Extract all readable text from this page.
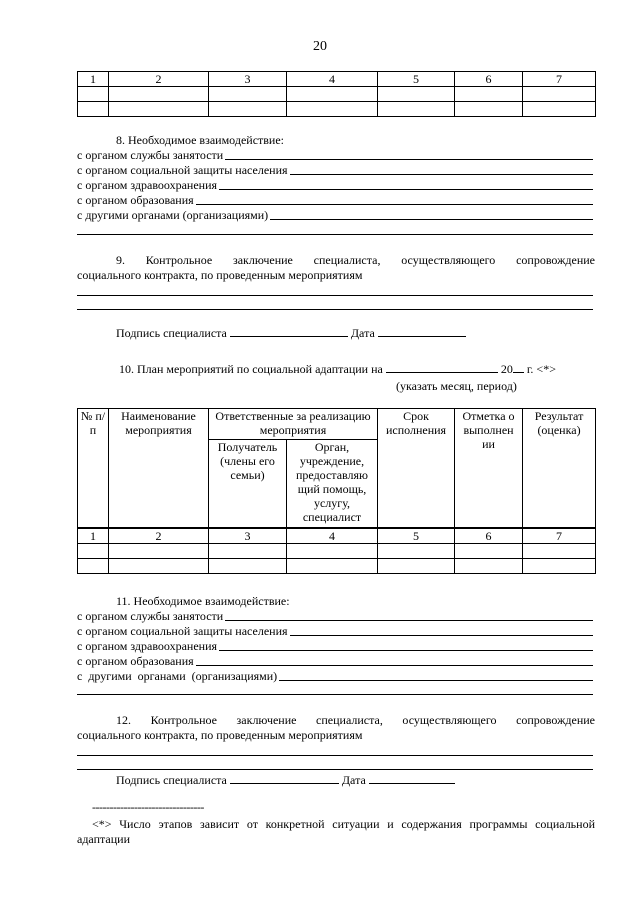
20
1	2	3	4	5	6	7

8. Необходимое взаимодействие:
с органом службы занятости
с органом социальной защиты населения
с органом здравоохранения
с органом образования
с другими органами (организациями)
9. Контрольное заключение специалиста, осуществляющего сопровождение
социального контракта, по проведенным мероприятиям
Подпись специалиста	Дата
10. План мероприятий по социальной адаптации на	20 г. <*>
(указать месяц, период)
№ п/п	Наименование мероприятия	Ответственные за реализацию мероприятия		Срок исполнения	Отметка о выполнен ии	Результат (оценка)
		Получатель (члены его семьи)	Орган, учреждение, предоставляю щий помощь, услугу, специалист			
1	2	3	4	5	6	7

11. Необходимое взаимодействие:
с органом службы занятости
с органом социальной защиты населения
с органом здравоохранения
с органом образования
с  другими  органами  (организациями)
12. Контрольное заключение специалиста, осуществляющего сопровождение
социального контракта, по проведенным мероприятиям
Подпись специалиста	Дата
--------------------------------
<*> Число этапов зависит от конкретной ситуации и содержания программы социальной
адаптации
